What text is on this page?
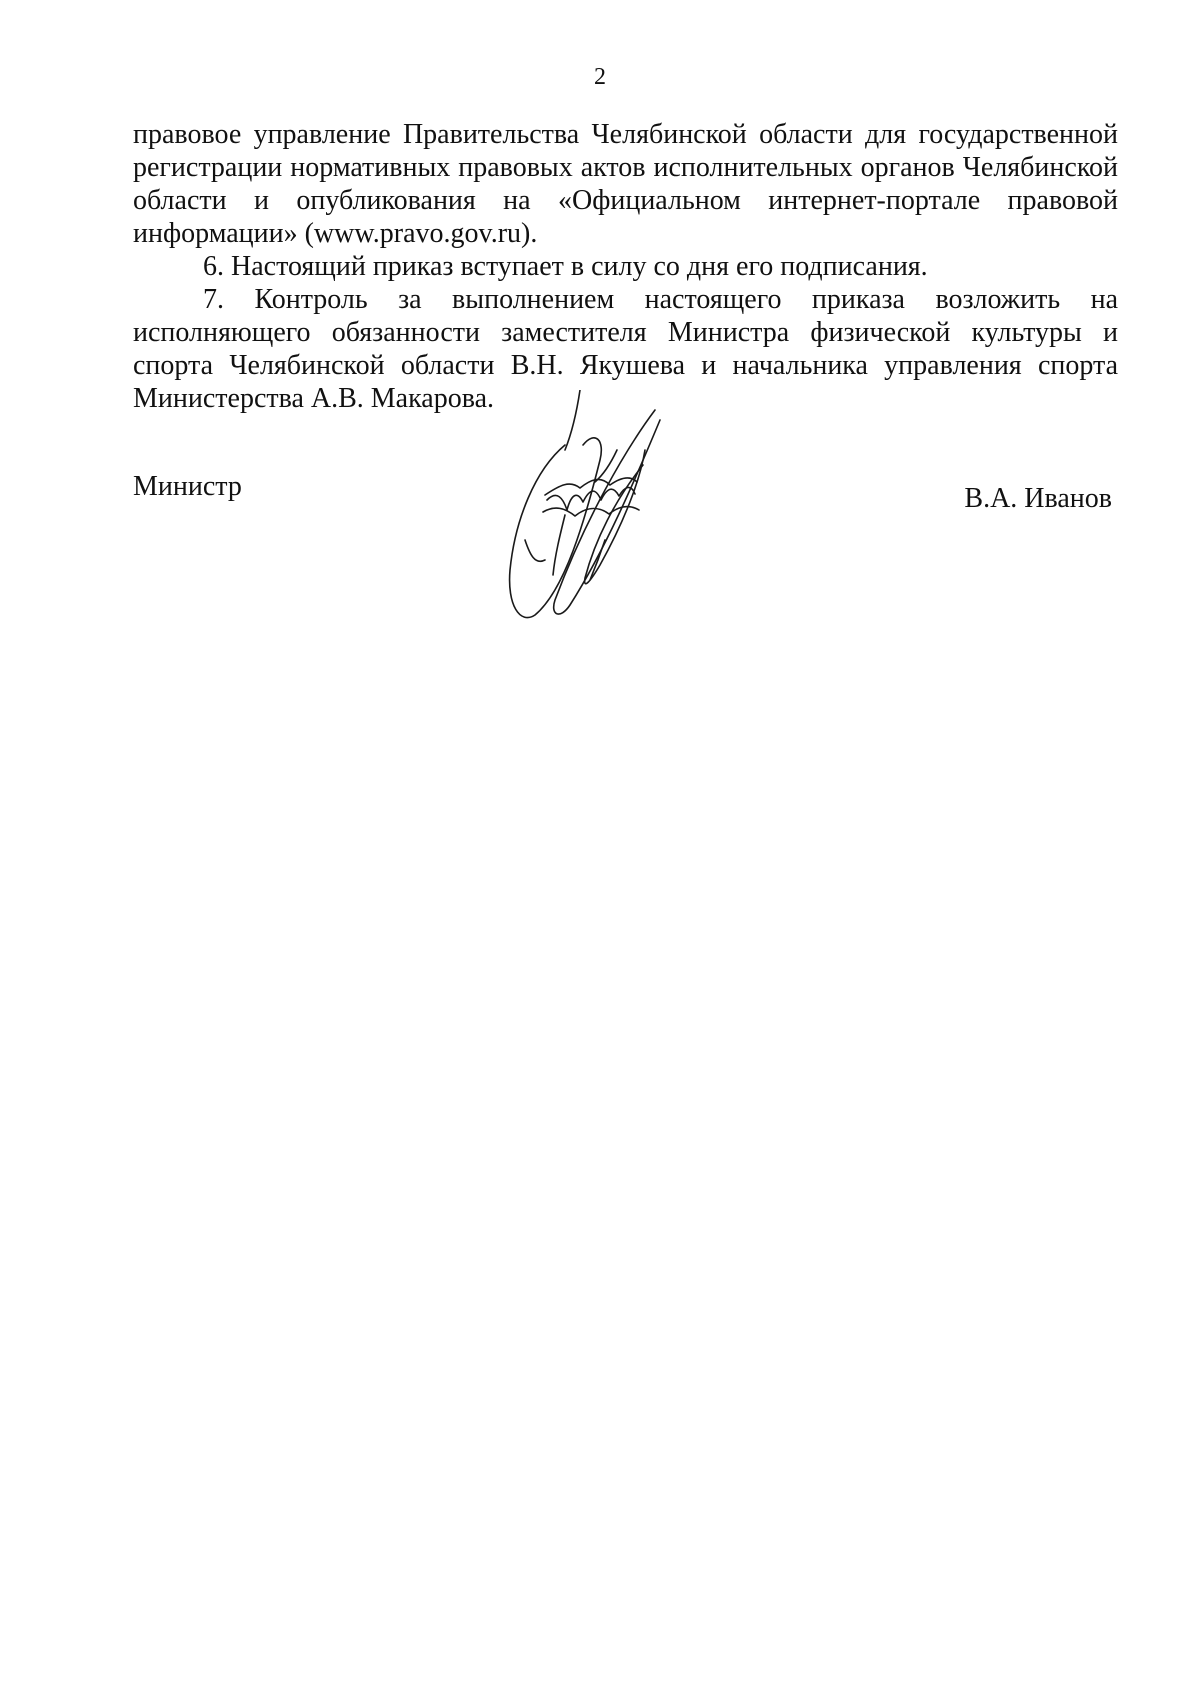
2

правовое управление Правительства Челябинской области для государственной регистрации нормативных правовых актов исполнительных органов Челябинской области и опубликования на «Официальном интернет-портале правовой информации» (www.pravo.gov.ru).

6. Настоящий приказ вступает в силу со дня его подписания.

7. Контроль за выполнением настоящего приказа возложить на исполняющего обязанности заместителя Министра физической культуры и спорта Челябинской области В.Н. Якушева и начальника управления спорта Министерства А.В. Макарова.

Министр	В.А. Иванов
